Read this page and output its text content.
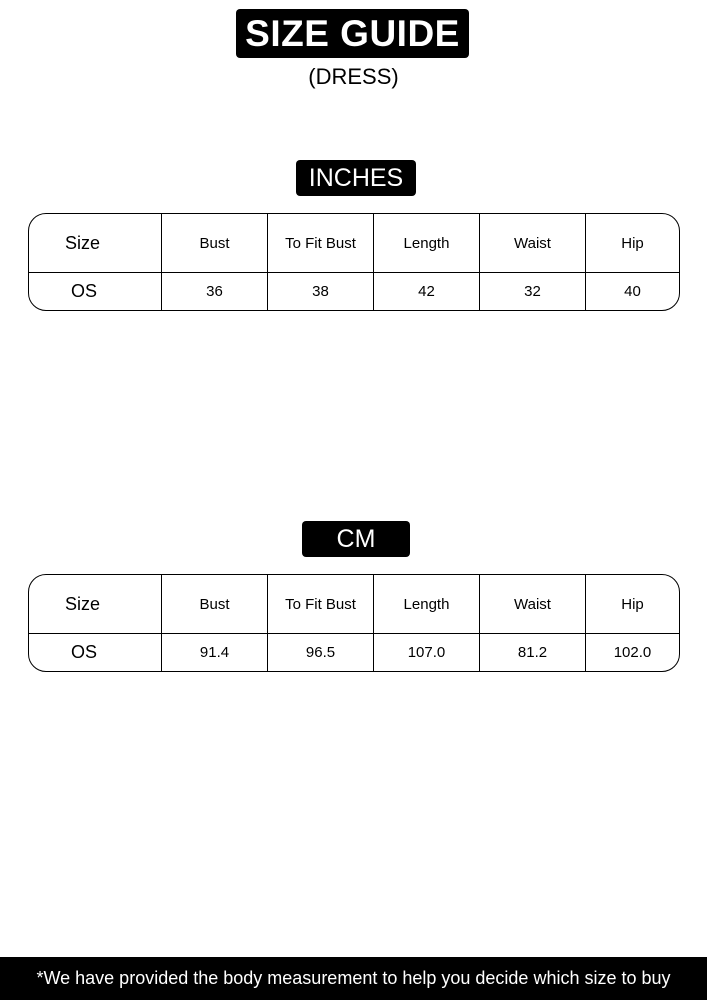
SIZE GUIDE
(DRESS)
INCHES
Size	Bust	To Fit Bust	Length	Waist	Hip
OS	36	38	42	32	40
CM
Size	Bust	To Fit Bust	Length	Waist	Hip
OS	91.4	96.5	107.0	81.2	102.0
*We have provided the body measurement to help you decide which size to buy
